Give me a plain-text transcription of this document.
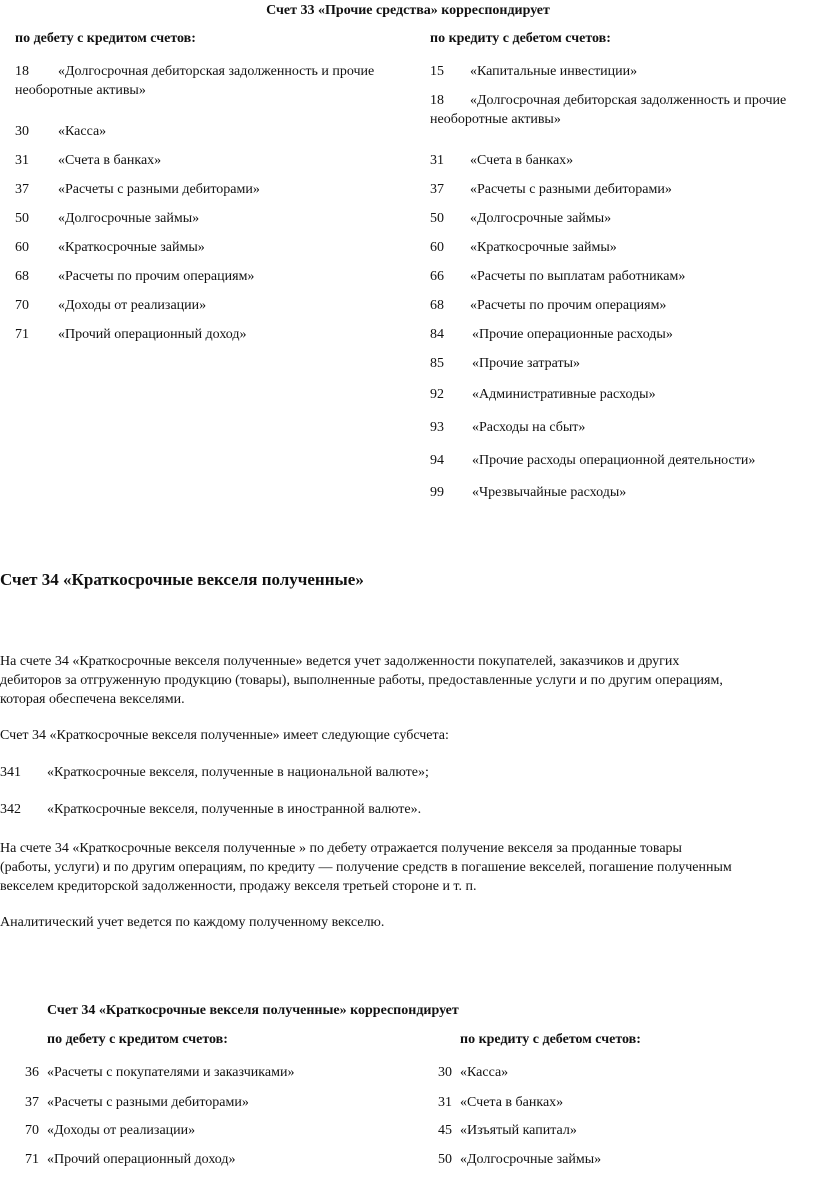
Счет 33 «Прочие средства» корреспондирует
по дебету с кредитом счетов:	по кредиту с дебетом счетов:
18 «Долгосрочная дебиторская задолженность и прочие
необоротные активы»
30 «Касса»
31 «Счета в банках»
37 «Расчеты с разными дебиторами»
50 «Долгосрочные займы»
60 «Краткосрочные займы»
68 «Расчеты по прочим операциям»
70 «Доходы от реализации»
71 «Прочий операционный доход»
15 «Капитальные инвестиции»
18 «Долгосрочная дебиторская задолженность и прочие
необоротные активы»
31 «Счета в банках»
37 «Расчеты с разными дебиторами»
50 «Долгосрочные займы»
60 «Краткосрочные займы»
66 «Расчеты по выплатам работникам»
68 «Расчеты по прочим операциям»
84 «Прочие операционные расходы»
85 «Прочие затраты»
92 «Административные расходы»
93 «Расходы на сбыт»
94 «Прочие расходы операционной деятельности»
99 «Чрезвычайные расходы»
Счет 34 «Краткосрочные векселя полученные»
На счете 34 «Краткосрочные векселя полученные» ведется учет задолженности покупателей, заказчиков и других
дебиторов за отгруженную продукцию (товары), выполненные работы, предоставленные услуги и по другим операциям,
которая обеспечена векселями.
Счет 34 «Краткосрочные векселя полученные» имеет следующие субсчета:
341 «Краткосрочные векселя, полученные в национальной валюте»;
342 «Краткосрочные векселя, полученные в иностранной валюте».
На счете 34 «Краткосрочные векселя полученные » по дебету отражается получение векселя за проданные товары
(работы, услуги) и по другим операциям, по кредиту — получение средств в погашение векселей, погашение полученным
векселем кредиторской задолженности, продажу векселя третьей стороне и т. п.
Аналитический учет ведется по каждому полученному векселю.
Счет 34 «Краткосрочные векселя полученные» корреспондирует
по дебету с кредитом счетов:	по кредиту с дебетом счетов:
36 «Расчеты с покупателями и заказчиками»
37 «Расчеты с разными дебиторами»
70 «Доходы от реализации»
71 «Прочий операционный доход»
30 «Касса»
31 «Счета в банках»
45 «Изъятый капитал»
50 «Долгосрочные займы»
